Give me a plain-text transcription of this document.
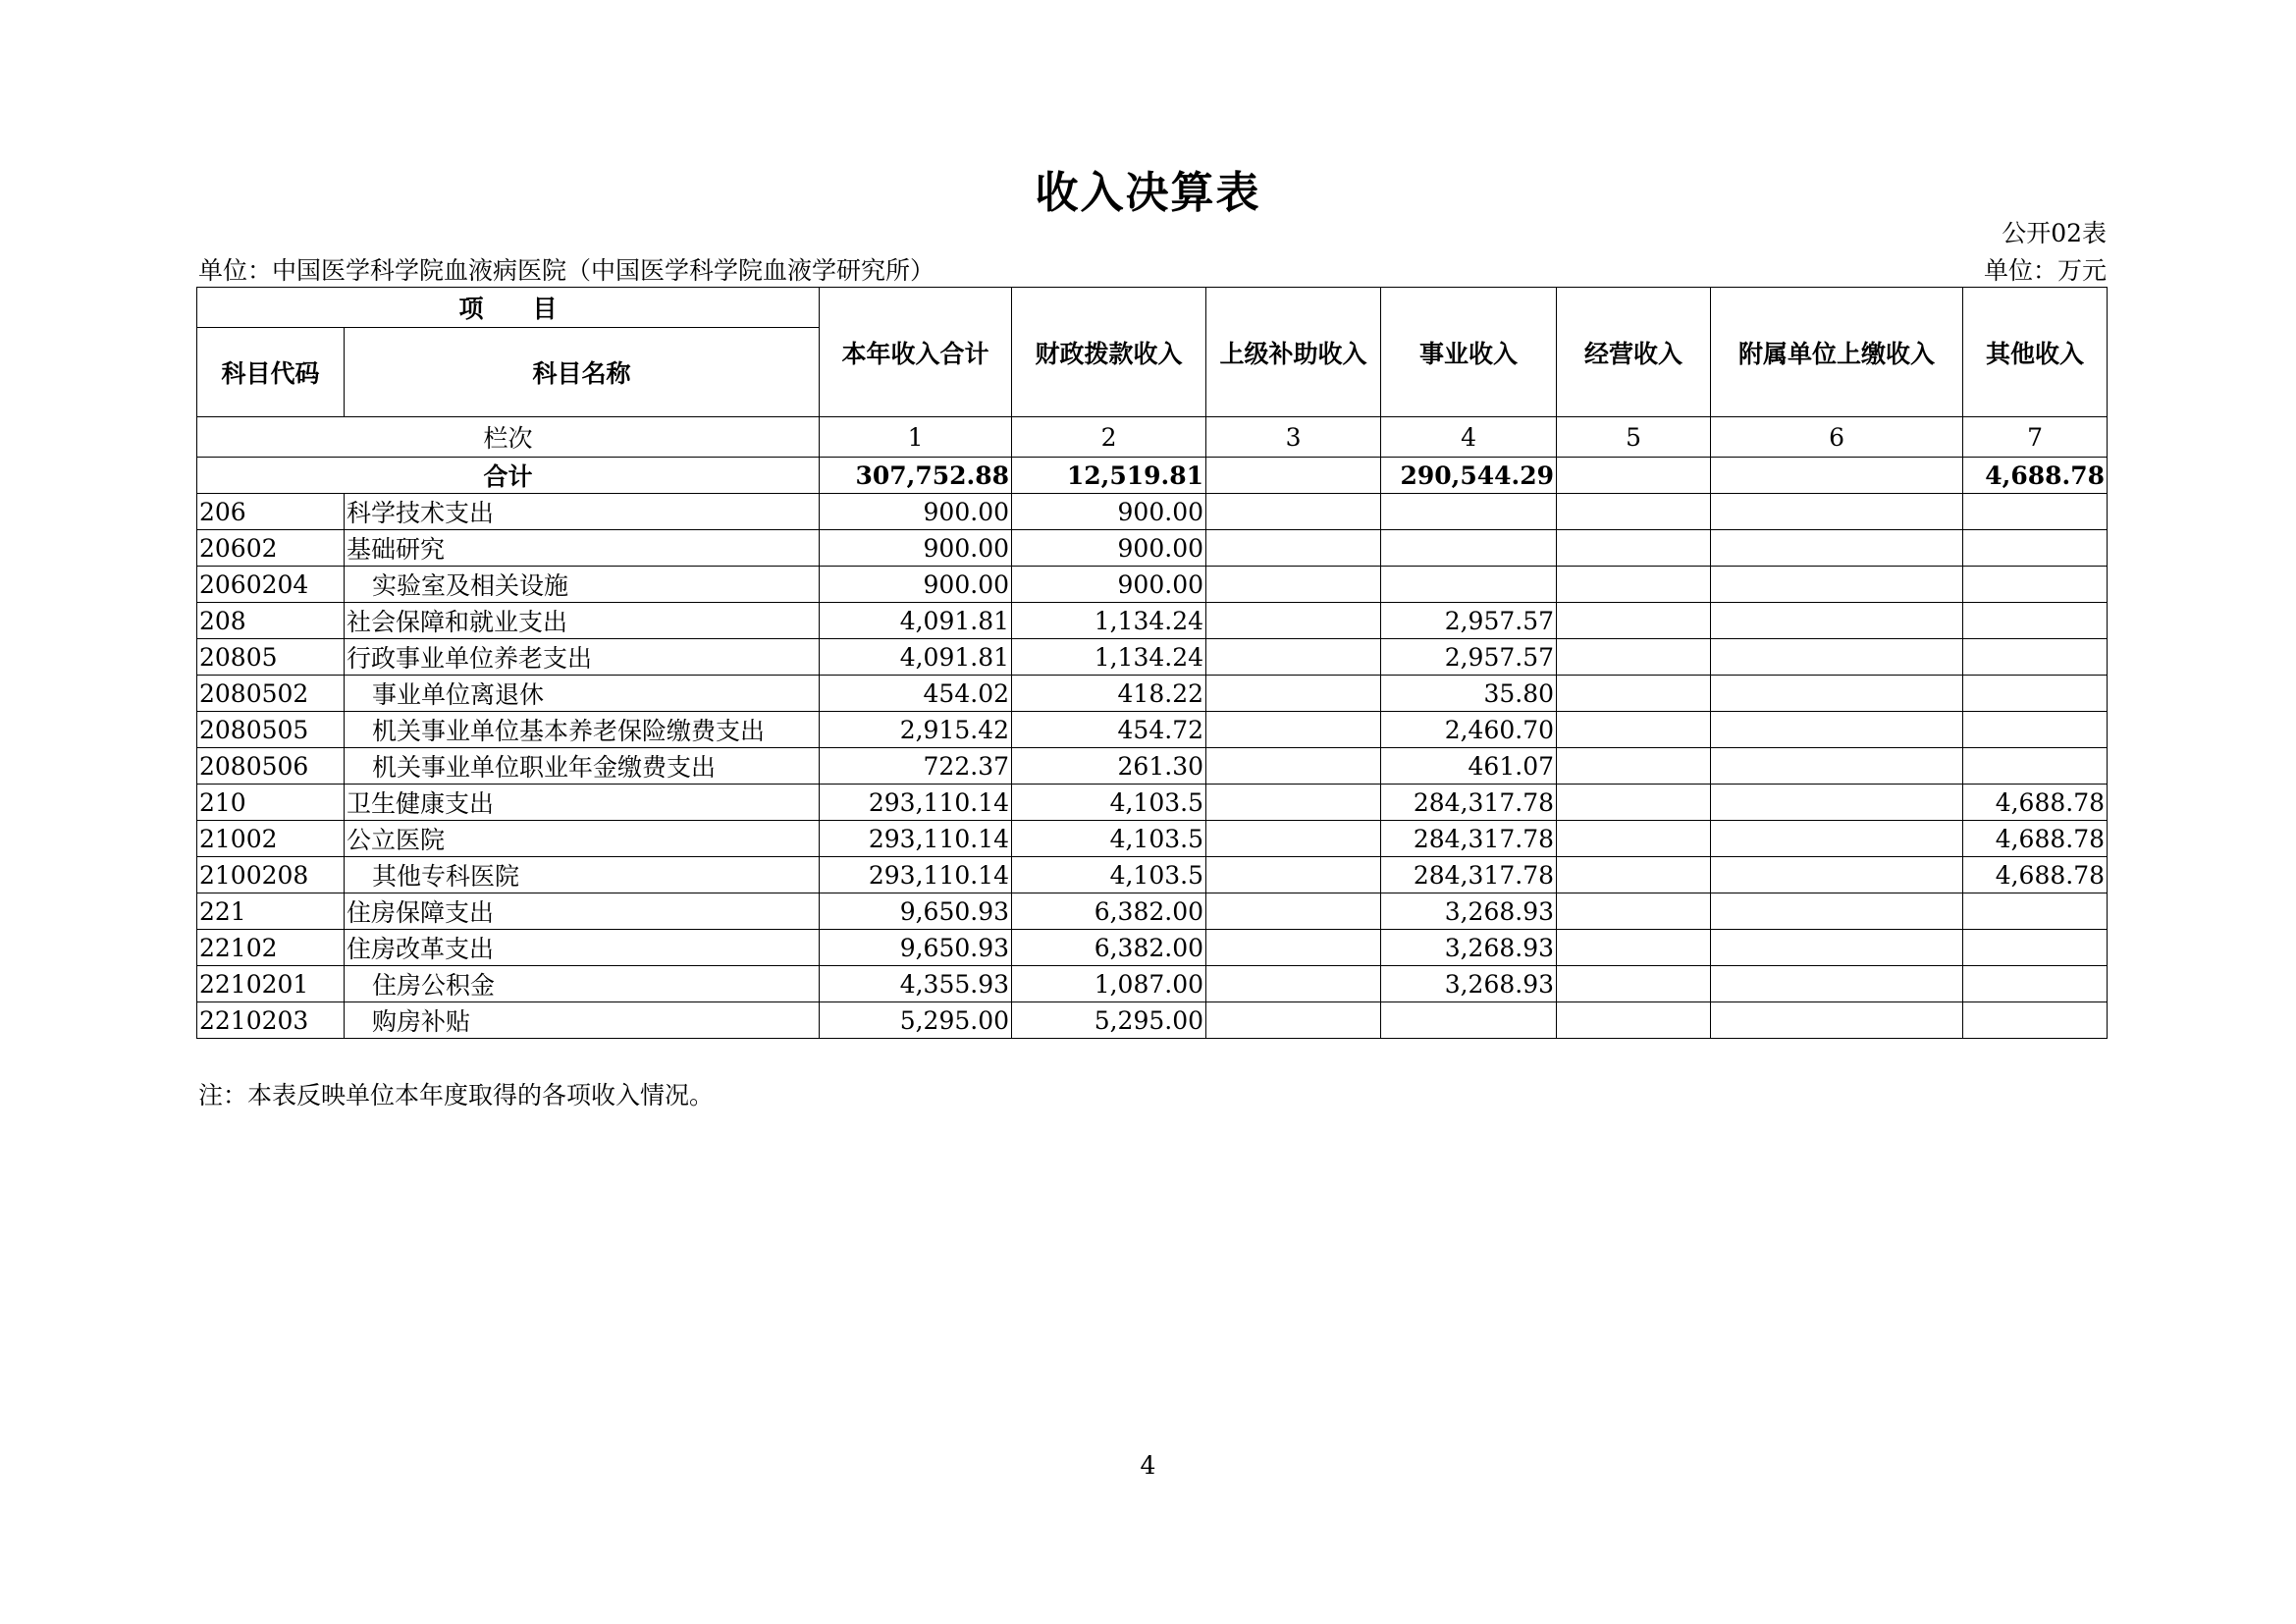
收入决算表
公开02表
单位：中国医学科学院血液病医院（中国医学科学院血液学研究所）	单位：万元
项　　目		本年收入合计	财政拨款收入	上级补助收入	事业收入	经营收入	附属单位上缴收入	其他收入
科目代码	科目名称							
栏次		1	2	3	4	5	6	7
合计		307,752.88	12,519.81		290,544.29			4,688.78
206	科学技术支出	900.00	900.00					
20602	基础研究	900.00	900.00					
2060204	实验室及相关设施	900.00	900.00					
208	社会保障和就业支出	4,091.81	1,134.24		2,957.57			
20805	行政事业单位养老支出	4,091.81	1,134.24		2,957.57			
2080502	事业单位离退休	454.02	418.22		35.80			
2080505	机关事业单位基本养老保险缴费支出	2,915.42	454.72		2,460.70			
2080506	机关事业单位职业年金缴费支出	722.37	261.30		461.07			
210	卫生健康支出	293,110.14	4,103.5		284,317.78			4,688.78
21002	公立医院	293,110.14	4,103.5		284,317.78			4,688.78
2100208	其他专科医院	293,110.14	4,103.5		284,317.78			4,688.78
221	住房保障支出	9,650.93	6,382.00		3,268.93			
22102	住房改革支出	9,650.93	6,382.00		3,268.93			
2210201	住房公积金	4,355.93	1,087.00		3,268.93			
2210203	购房补贴	5,295.00	5,295.00					
注：本表反映单位本年度取得的各项收入情况。
4
